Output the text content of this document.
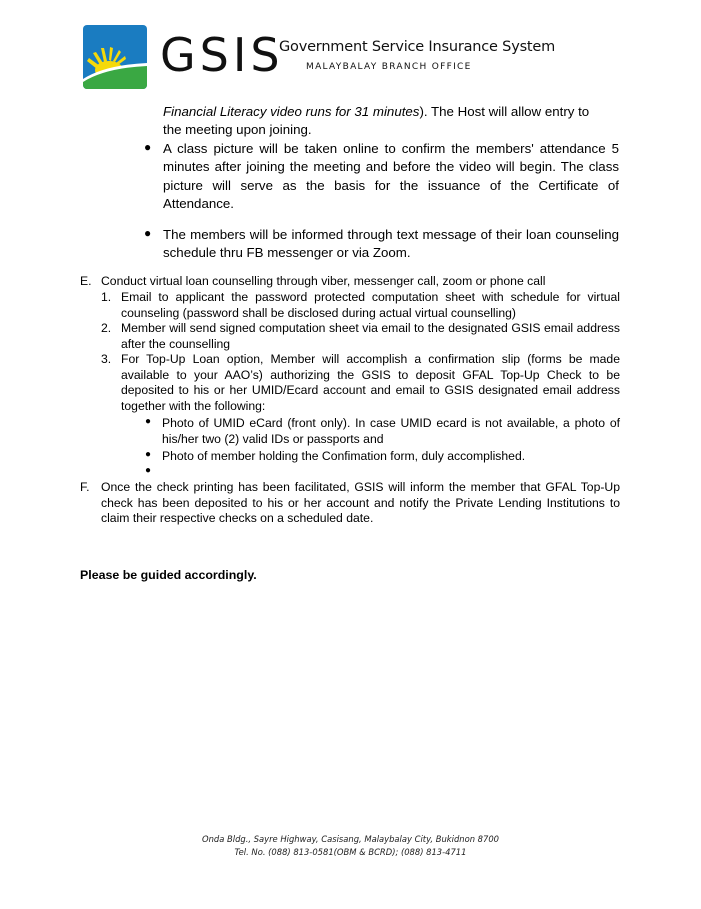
GSIS
Government Service Insurance System
MALAYBALAY BRANCH OFFICE
Financial Literacy video runs for 31 minutes). The Host will allow entry to
the meeting upon joining.
● A class picture will be taken online to confirm the members' attendance 5 minutes after joining the meeting and before the video will begin. The class picture will serve as the basis for the issuance of the Certificate of Attendance.
● The members will be informed through text message of their loan counseling schedule thru FB messenger or via Zoom.
E. Conduct virtual loan counselling through viber, messenger call, zoom or phone call
1. Email to applicant the password protected computation sheet with schedule for virtual counseling (password shall be disclosed during actual virtual counselling)
2. Member will send signed computation sheet via email to the designated GSIS email address after the counselling
3. For Top-Up Loan option, Member will accomplish a confirmation slip (forms be made available to your AAO’s) authorizing the GSIS to deposit GFAL Top-Up Check to be deposited to his or her UMID/Ecard account and email to GSIS designated email address together with the following:
● Photo of UMID eCard (front only). In case UMID ecard is not available, a photo of his/her two (2) valid IDs or passports and
● Photo of member holding the Confimation form, duly accomplished.
●
F. Once the check printing has been facilitated, GSIS will inform the member that GFAL Top-Up check has been deposited to his or her account and notify the Private Lending Institutions to claim their respective checks on a scheduled date.
Please be guided accordingly.
Onda Bldg., Sayre Highway, Casisang, Malaybalay City, Bukidnon 8700
Tel. No. (088) 813-0581(OBM & BCRD); (088) 813-4711
